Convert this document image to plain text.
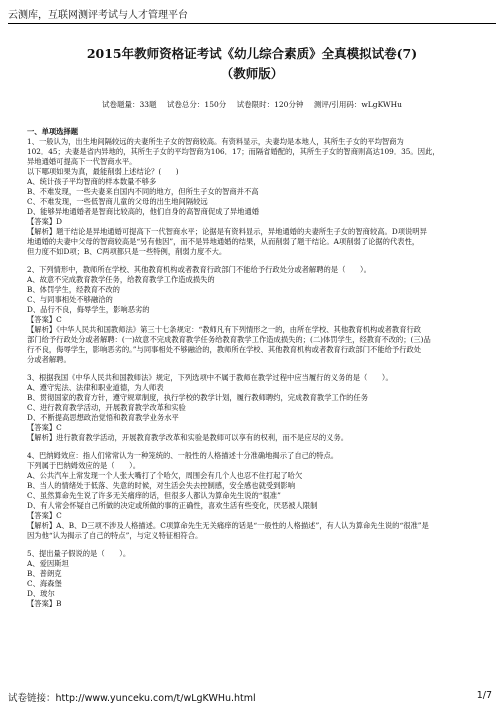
云测库，互联网测评考试与人才管理平台
2015年教师资格证考试《幼儿综合素质》全真模拟试卷(7)
（教师版）
试卷题量：33题 试卷总分：150分 试卷限时：120分钟 测评/引用码：wLgKWHu

一、单项选择题

1、一般认为，出生地间隔较远的夫妻所生子女的智商较高。有资料显示，夫妻均是本地人，其所生子女的平均智商为

102．45；夫妻是省内异地的，其所生子女的平均智商为106．17；而隔省婚配的，其所生子女的智商则高达109．35。因此，

异地通婚可提高下一代智商水平。

以下哪项如果为真，最能削弱上述结论？(　　)

A、统计孩子平均智商的样本数量不够多

B、不难发现，一些夫妻来自国内不同的地方，但所生子女的智商并不高

C、不难发现，一些低智商儿童的父母的出生地间隔较远

D、能够异地通婚者是智商比较高的，他们自身的高智商促成了异地通婚

【答案】D

【解析】题干结论是异地通婚可提高下一代智商水平；论据是有资料显示，异地通婚的夫妻所生子女的智商较高。D项说明异

地通婚的夫妻中父母的智商较高是“另有他因”，而不是异地通婚的结果，从而削弱了题干结论。A项削弱了论据的代表性，

但力度不如D项；B、C两项都只是一些特例，削弱力度不大。

2、下列情形中，教师所在学校、其他教育机构或者教育行政部门不能给予行政处分或者解聘的是（　　）。

A、故意不完成教育教学任务，给教育教学工作造成损失的

B、体罚学生，经教育不改的

C、与同事相处不够融洽的

D、品行不良，侮辱学生，影响恶劣的

【答案】C

【解析】《中华人民共和国教师法》第三十七条规定：“教师凡有下列情形之一的，由所在学校、其他教育机构或者教育行政

部门给予行政处分或者解聘：(一)故意不完成教育教学任务给教育教学工作造成损失的；(二)体罚学生，经教育不改的；(三)品

行不良，侮辱学生，影响恶劣的。”与同事相处不够融洽的，教师所在学校、其他教育机构或者教育行政部门不能给予行政处

分或者解聘。

3、根据我国《中华人民共和国教师法》规定，下列选项中不属于教师在教学过程中应当履行的义务的是（　　）。

A、遵守宪法、法律和职业道德，为人师表

B、贯彻国家的教育方针，遵守规章制度，执行学校的教学计划，履行教师聘约，完成教育教学工作的任务

C、进行教育教学活动，开展教育教学改革和实验

D、不断提高思想政治觉悟和教育教学业务水平

【答案】C

【解析】进行教育教学活动，开展教育教学改革和实验是教师可以享有的权利，而不是应尽的义务。

4、巴纳姆效应：指人们常常认为一种笼统的、一般性的人格描述十分准确地揭示了自己的特点。

下列属于巴纳姆效应的是（　　）。

A、公共汽车上常发现一个人张大嘴打了个哈欠，周围会有几个人也忍不住打起了哈欠

B、当人的情绪处于低落、失意的时候，对生活会失去控制感，安全感也就受到影响

C、虽然算命先生说了许多无关痛痒的话，但很多人都认为算命先生说的“很准”

D、有人常会怀疑自己所做的决定或所做的事的正确性，喜欢生活有些变化，厌恶被人限制

【答案】C

【解析】A、B、D三项不涉及人格描述。C项算命先生无关痛痒的话是“一般性的人格描述”，有人认为算命先生说的“很准”是

因为他“认为揭示了自己的特点”，与定义特征相符合。

5、提出量子假说的是（　　）。

A、爱因斯坦

B、普朗克

C、海森堡

D、玻尔

【答案】B

试卷链接：http://www.yunceku.com/t/wLgKWHu.html	1/7
